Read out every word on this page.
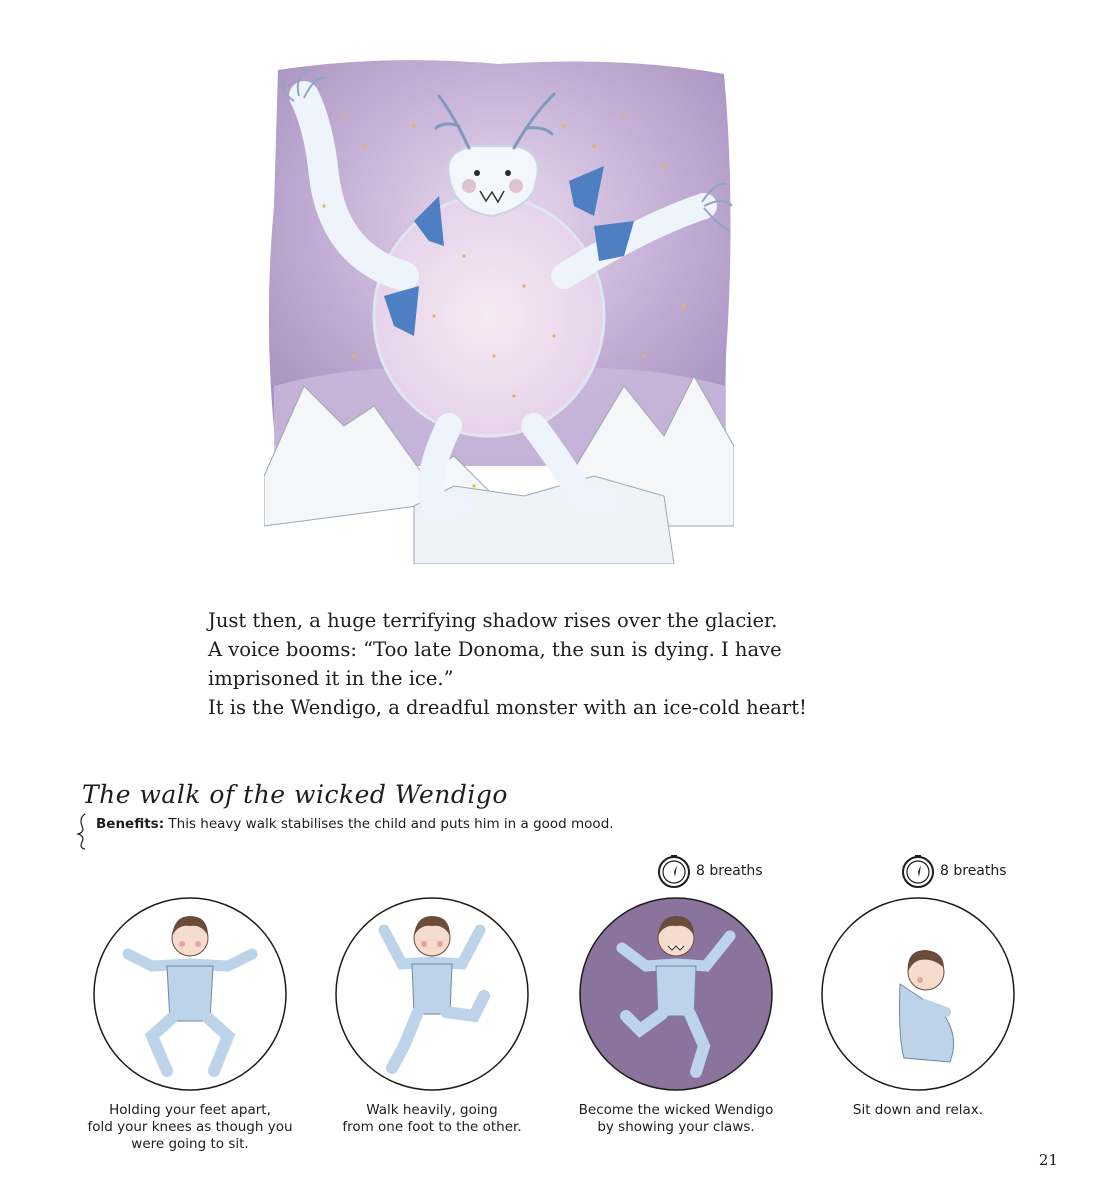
Just then, a huge terrifying shadow rises over the glacier.

A voice booms: “Too late Donoma, the sun is dying. I have

imprisoned it in the ice.”

It is the Wendigo, a dreadful monster with an ice-cold heart!

The walk of the wicked Wendigo
Benefits: This heavy walk stabilises the child and puts him in a good mood.
8 breaths	8 breaths
Holding your feet apart,
fold your knees as though you
were going to sit.
Walk heavily, going
from one foot to the other.
Become the wicked Wendigo
by showing your claws.
Sit down and relax.
21
